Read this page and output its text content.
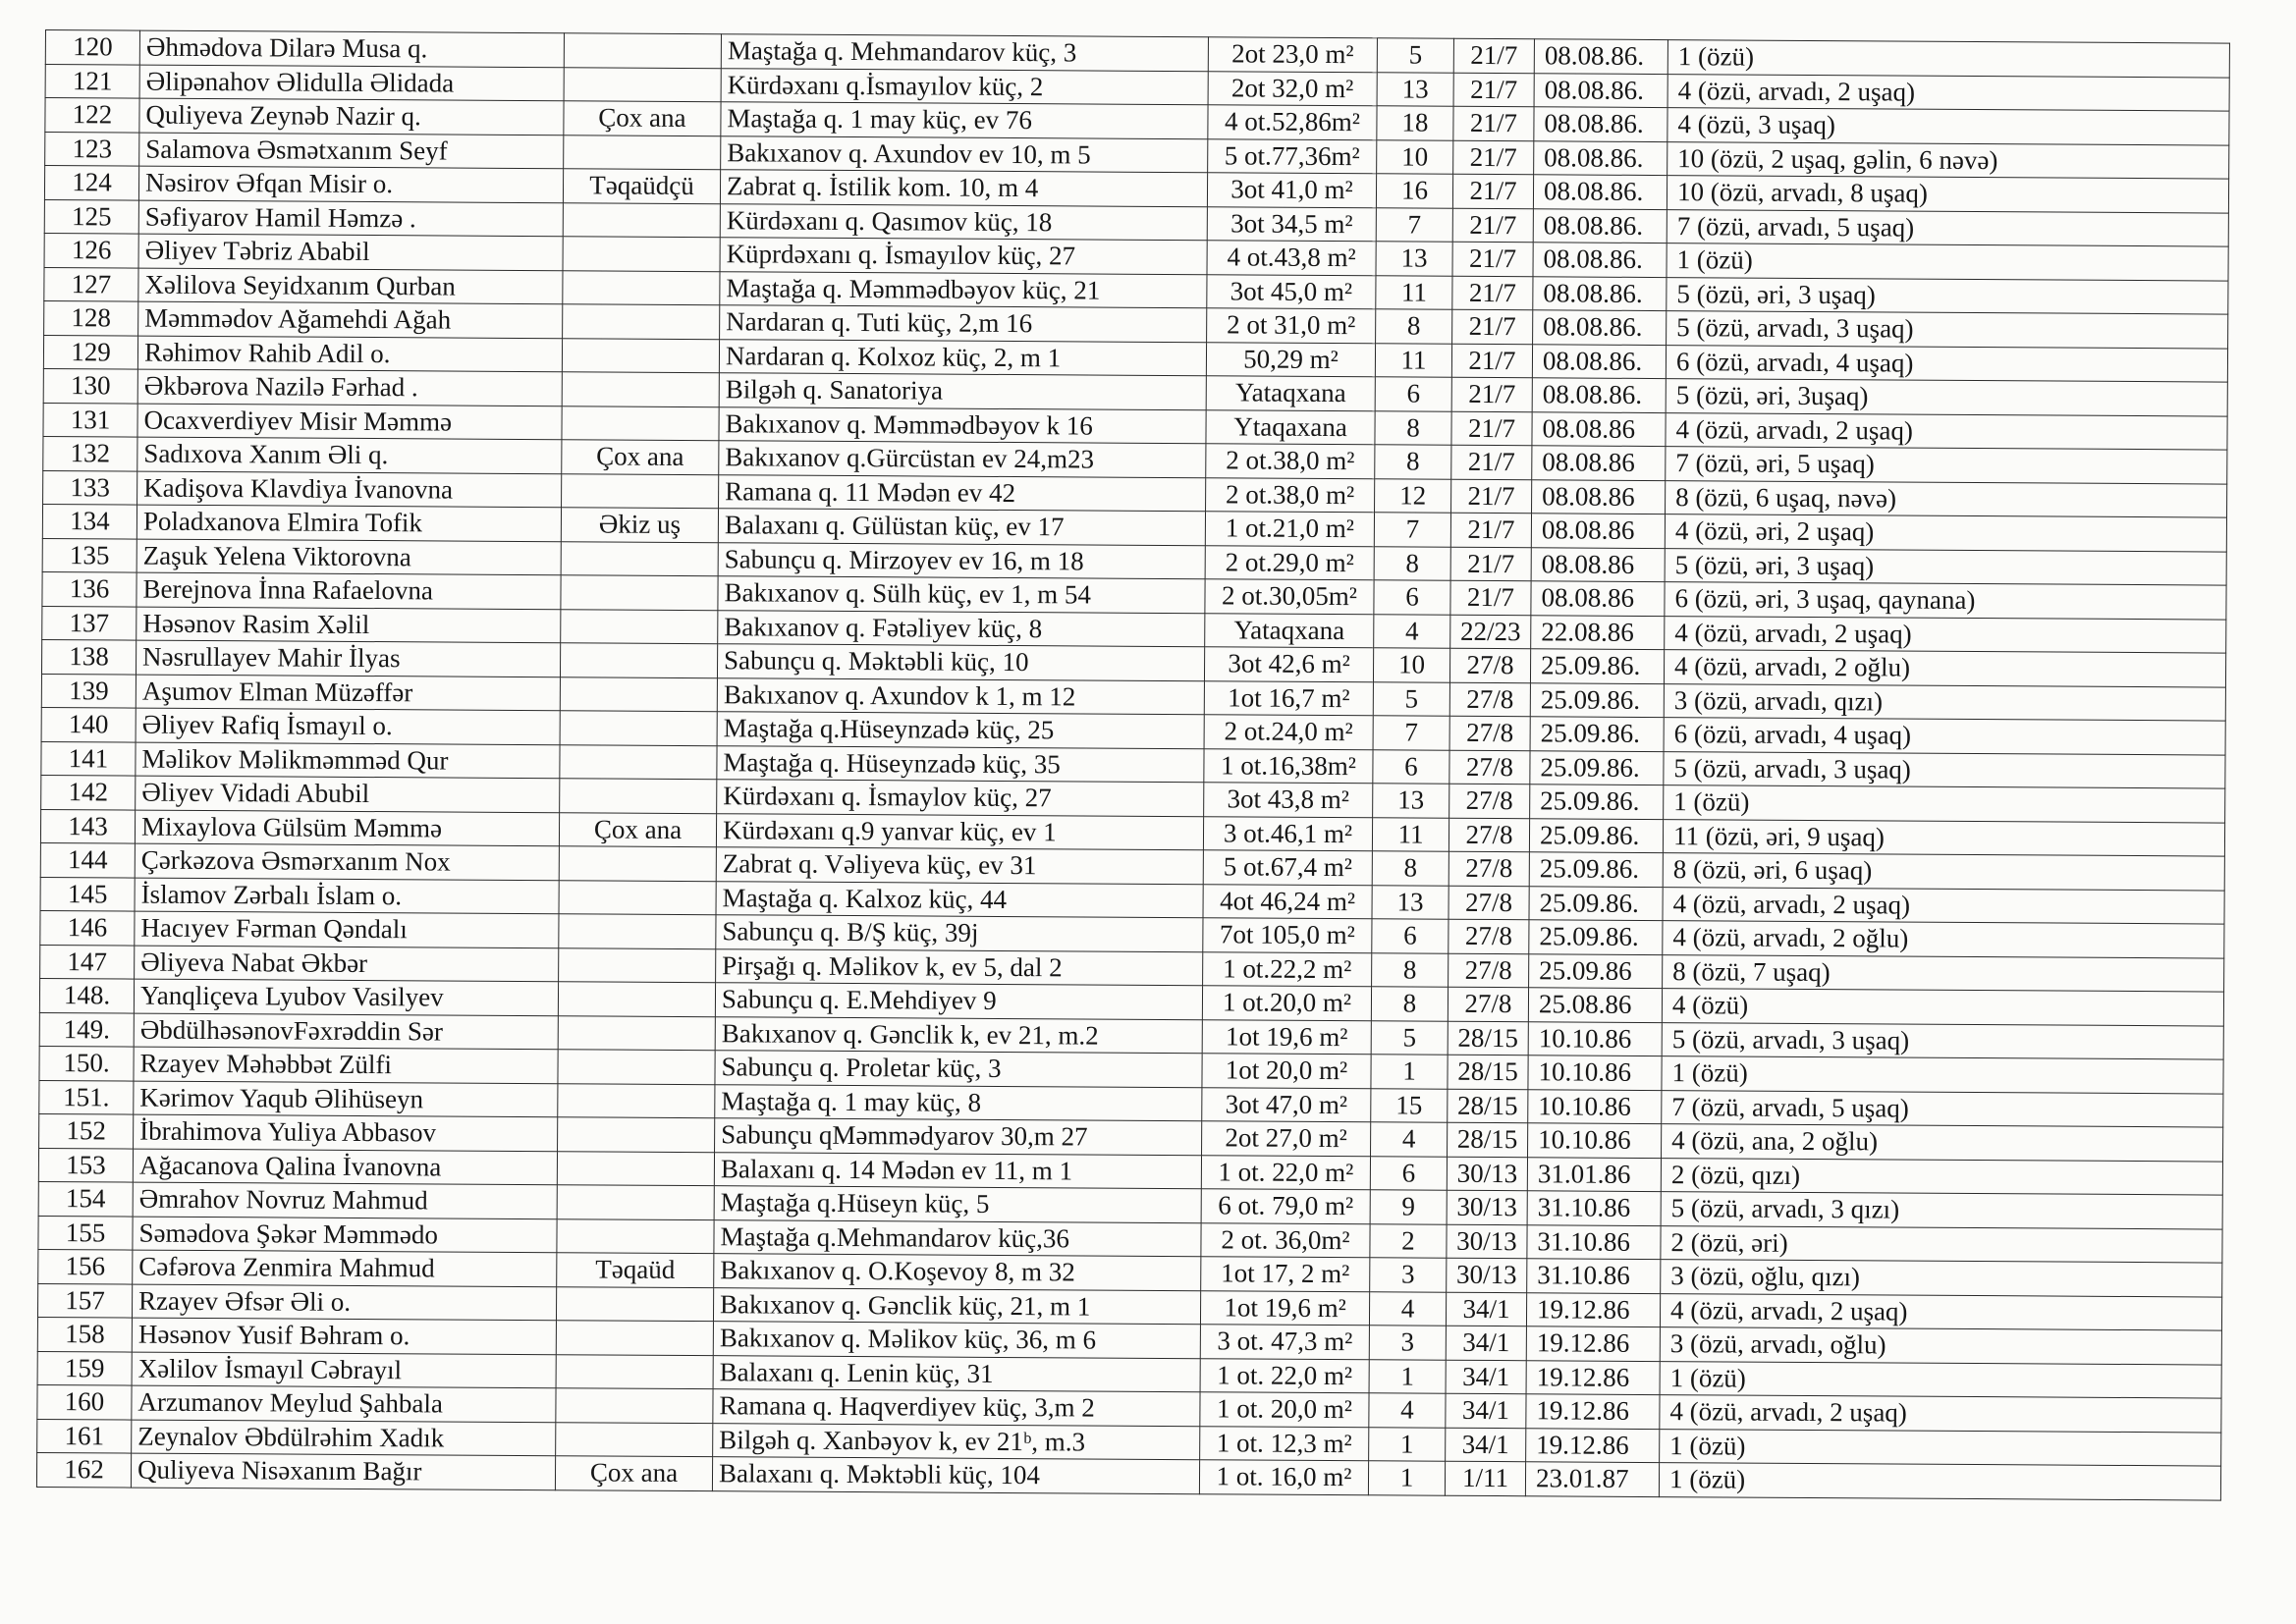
120	Əhmədova Dilarə Musa q.		Maştağa q. Mehmandarov küç, 3	2ot 23,0 m²	5	21/7	08.08.86.	1 (özü)
121	Əlipənahov Əlidulla Əlidada		Kürdəxanı q.İsmayılov küç, 2	2ot 32,0 m²	13	21/7	08.08.86.	4 (özü, arvadı, 2 uşaq)
122	Quliyeva Zeynəb Nazir q.	Çox ana	Maştağa q. 1 may küç, ev 76	4 ot.52,86m²	18	21/7	08.08.86.	4 (özü, 3 uşaq)
123	Salamova Əsmətxanım Seyf		Bakıxanov q. Axundov ev 10, m 5	5 ot.77,36m²	10	21/7	08.08.86.	10 (özü, 2 uşaq, gəlin, 6 nəvə)
124	Nəsirov Əfqan Misir o.	Təqaüdçü	Zabrat q. İstilik kom. 10, m 4	3ot 41,0 m²	16	21/7	08.08.86.	10 (özü, arvadı, 8 uşaq)
125	Səfiyarov Hamil Həmzə .		Kürdəxanı q. Qasımov küç, 18	3ot 34,5 m²	7	21/7	08.08.86.	7 (özü, arvadı, 5 uşaq)
126	Əliyev Təbriz Ababil		Küprdəxanı q. İsmayılov küç, 27	4 ot.43,8 m²	13	21/7	08.08.86.	1 (özü)
127	Xəlilova Seyidxanım Qurban		Maştağa q. Məmmədbəyov küç, 21	3ot 45,0 m²	11	21/7	08.08.86.	5 (özü, əri, 3 uşaq)
128	Məmmədov Ağamehdi Ağah		Nardaran q. Tuti küç, 2,m 16	2 ot 31,0 m²	8	21/7	08.08.86.	5 (özü, arvadı, 3 uşaq)
129	Rəhimov Rahib Adil o.		Nardaran q. Kolxoz küç, 2, m 1	50,29 m²	11	21/7	08.08.86.	6 (özü, arvadı, 4 uşaq)
130	Əkbərova Nazilə Fərhad .		Bilgəh q. Sanatoriya	Yataqxana	6	21/7	08.08.86.	5 (özü, əri, 3uşaq)
131	Ocaxverdiyev Misir Məmmə		Bakıxanov q. Məmmədbəyov k 16	Ytaqaxana	8	21/7	08.08.86	4 (özü, arvadı, 2 uşaq)
132	Sadıxova Xanım Əli q.	Çox ana	Bakıxanov q.Gürcüstan ev 24,m23	2 ot.38,0 m²	8	21/7	08.08.86	7 (özü, əri, 5 uşaq)
133	Kadişova Klavdiya İvanovna		Ramana q. 11 Mədən ev 42	2 ot.38,0 m²	12	21/7	08.08.86	8 (özü, 6 uşaq, nəvə)
134	Poladxanova Elmira Tofik	Əkiz uş	Balaxanı q. Gülüstan küç, ev 17	1 ot.21,0 m²	7	21/7	08.08.86	4 (özü, əri, 2 uşaq)
135	Zaşuk Yelena Viktorovna		Sabunçu q. Mirzoyev ev 16, m 18	2 ot.29,0 m²	8	21/7	08.08.86	5 (özü, əri, 3 uşaq)
136	Berejnova İnna Rafaelovna		Bakıxanov q. Sülh küç, ev 1, m 54	2 ot.30,05m²	6	21/7	08.08.86	6 (özü, əri, 3 uşaq, qaynana)
137	Həsənov Rasim Xəlil		Bakıxanov q. Fətəliyev küç, 8	Yataqxana	4	22/23	22.08.86	4 (özü, arvadı, 2 uşaq)
138	Nəsrullayev Mahir İlyas		Sabunçu q. Məktəbli küç, 10	3ot 42,6 m²	10	27/8	25.09.86.	4 (özü, arvadı, 2 oğlu)
139	Aşumov Elman Müzəffər		Bakıxanov q. Axundov k 1, m 12	1ot 16,7 m²	5	27/8	25.09.86.	3 (özü, arvadı, qızı)
140	Əliyev Rafiq İsmayıl o.		Maştağa q.Hüseynzadə küç, 25	2 ot.24,0 m²	7	27/8	25.09.86.	6 (özü, arvadı, 4 uşaq)
141	Məlikov Məlikməmməd Qur		Maştağa q. Hüseynzadə küç, 35	1 ot.16,38m²	6	27/8	25.09.86.	5 (özü, arvadı, 3 uşaq)
142	Əliyev Vidadi Abubil		Kürdəxanı q. İsmaylov küç, 27	3ot 43,8 m²	13	27/8	25.09.86.	1 (özü)
143	Mixaylova Gülsüm Məmmə	Çox ana	Kürdəxanı q.9 yanvar küç, ev 1	3 ot.46,1 m²	11	27/8	25.09.86.	11 (özü, əri, 9 uşaq)
144	Çərkəzova Əsmərxanım Nox		Zabrat q. Vəliyeva küç, ev 31	5 ot.67,4 m²	8	27/8	25.09.86.	8 (özü, əri, 6 uşaq)
145	İslamov Zərbalı İslam o.		Maştağa q. Kalxoz küç, 44	4ot 46,24 m²	13	27/8	25.09.86.	4 (özü, arvadı, 2 uşaq)
146	Hacıyev Fərman Qəndalı		Sabunçu q. B/Ş küç, 39j	7ot 105,0 m²	6	27/8	25.09.86.	4 (özü, arvadı, 2 oğlu)
147	Əliyeva Nabat Əkbər		Pirşağı q. Məlikov k, ev 5, dal 2	1 ot.22,2 m²	8	27/8	25.09.86	8 (özü, 7 uşaq)
148.	Yanqliçeva Lyubov Vasilyev		Sabunçu q. E.Mehdiyev 9	1 ot.20,0 m²	8	27/8	25.08.86	4 (özü)
149.	ƏbdülhəsənovFəxrəddin Sər		Bakıxanov q. Gənclik k, ev 21, m.2	1ot 19,6 m²	5	28/15	10.10.86	5 (özü, arvadı, 3 uşaq)
150.	Rzayev Məhəbbət Zülfi		Sabunçu q. Proletar küç, 3	1ot 20,0 m²	1	28/15	10.10.86	1 (özü)
151.	Kərimov Yaqub Əlihüseyn		Maştağa q. 1 may küç, 8	3ot 47,0 m²	15	28/15	10.10.86	7 (özü, arvadı, 5 uşaq)
152	İbrahimova Yuliya Abbasov		Sabunçu qMəmmədyarov 30,m 27	2ot 27,0 m²	4	28/15	10.10.86	4 (özü, ana, 2 oğlu)
153	Ağacanova Qalina İvanovna		Balaxanı q. 14 Mədən ev 11, m 1	1 ot. 22,0 m²	6	30/13	31.01.86	2 (özü, qızı)
154	Əmrahov Novruz Mahmud		Maştağa q.Hüseyn küç, 5	6 ot. 79,0 m²	9	30/13	31.10.86	5 (özü, arvadı, 3 qızı)
155	Səmədova Şəkər Məmmədo		Maştağa q.Mehmandarov küç,36	2 ot. 36,0m²	2	30/13	31.10.86	2 (özü, əri)
156	Cəfərova Zenmira Mahmud	Təqaüd	Bakıxanov q. O.Koşevoy 8, m 32	1ot 17, 2 m²	3	30/13	31.10.86	3 (özü, oğlu, qızı)
157	Rzayev Əfsər Əli o.		Bakıxanov q. Gənclik küç, 21, m 1	1ot 19,6 m²	4	34/1	19.12.86	4 (özü, arvadı, 2 uşaq)
158	Həsənov Yusif Bəhram o.		Bakıxanov q. Məlikov küç, 36, m 6	3 ot. 47,3 m²	3	34/1	19.12.86	3 (özü, arvadı, oğlu)
159	Xəlilov İsmayıl Cəbrayıl		Balaxanı q. Lenin küç, 31	1 ot. 22,0 m²	1	34/1	19.12.86	1 (özü)
160	Arzumanov Meylud Şahbala		Ramana q. Haqverdiyev küç, 3,m 2	1 ot. 20,0 m²	4	34/1	19.12.86	4 (özü, arvadı, 2 uşaq)
161	Zeynalov Əbdülrəhim Xadık		Bilgəh q. Xanbəyov k, ev 21ᵇ, m.3	1 ot. 12,3 m²	1	34/1	19.12.86	1 (özü)
162	Quliyeva Nisəxanım Bağır	Çox ana	Balaxanı q. Məktəbli küç, 104	1 ot. 16,0 m²	1	1/11	23.01.87	1 (özü)
